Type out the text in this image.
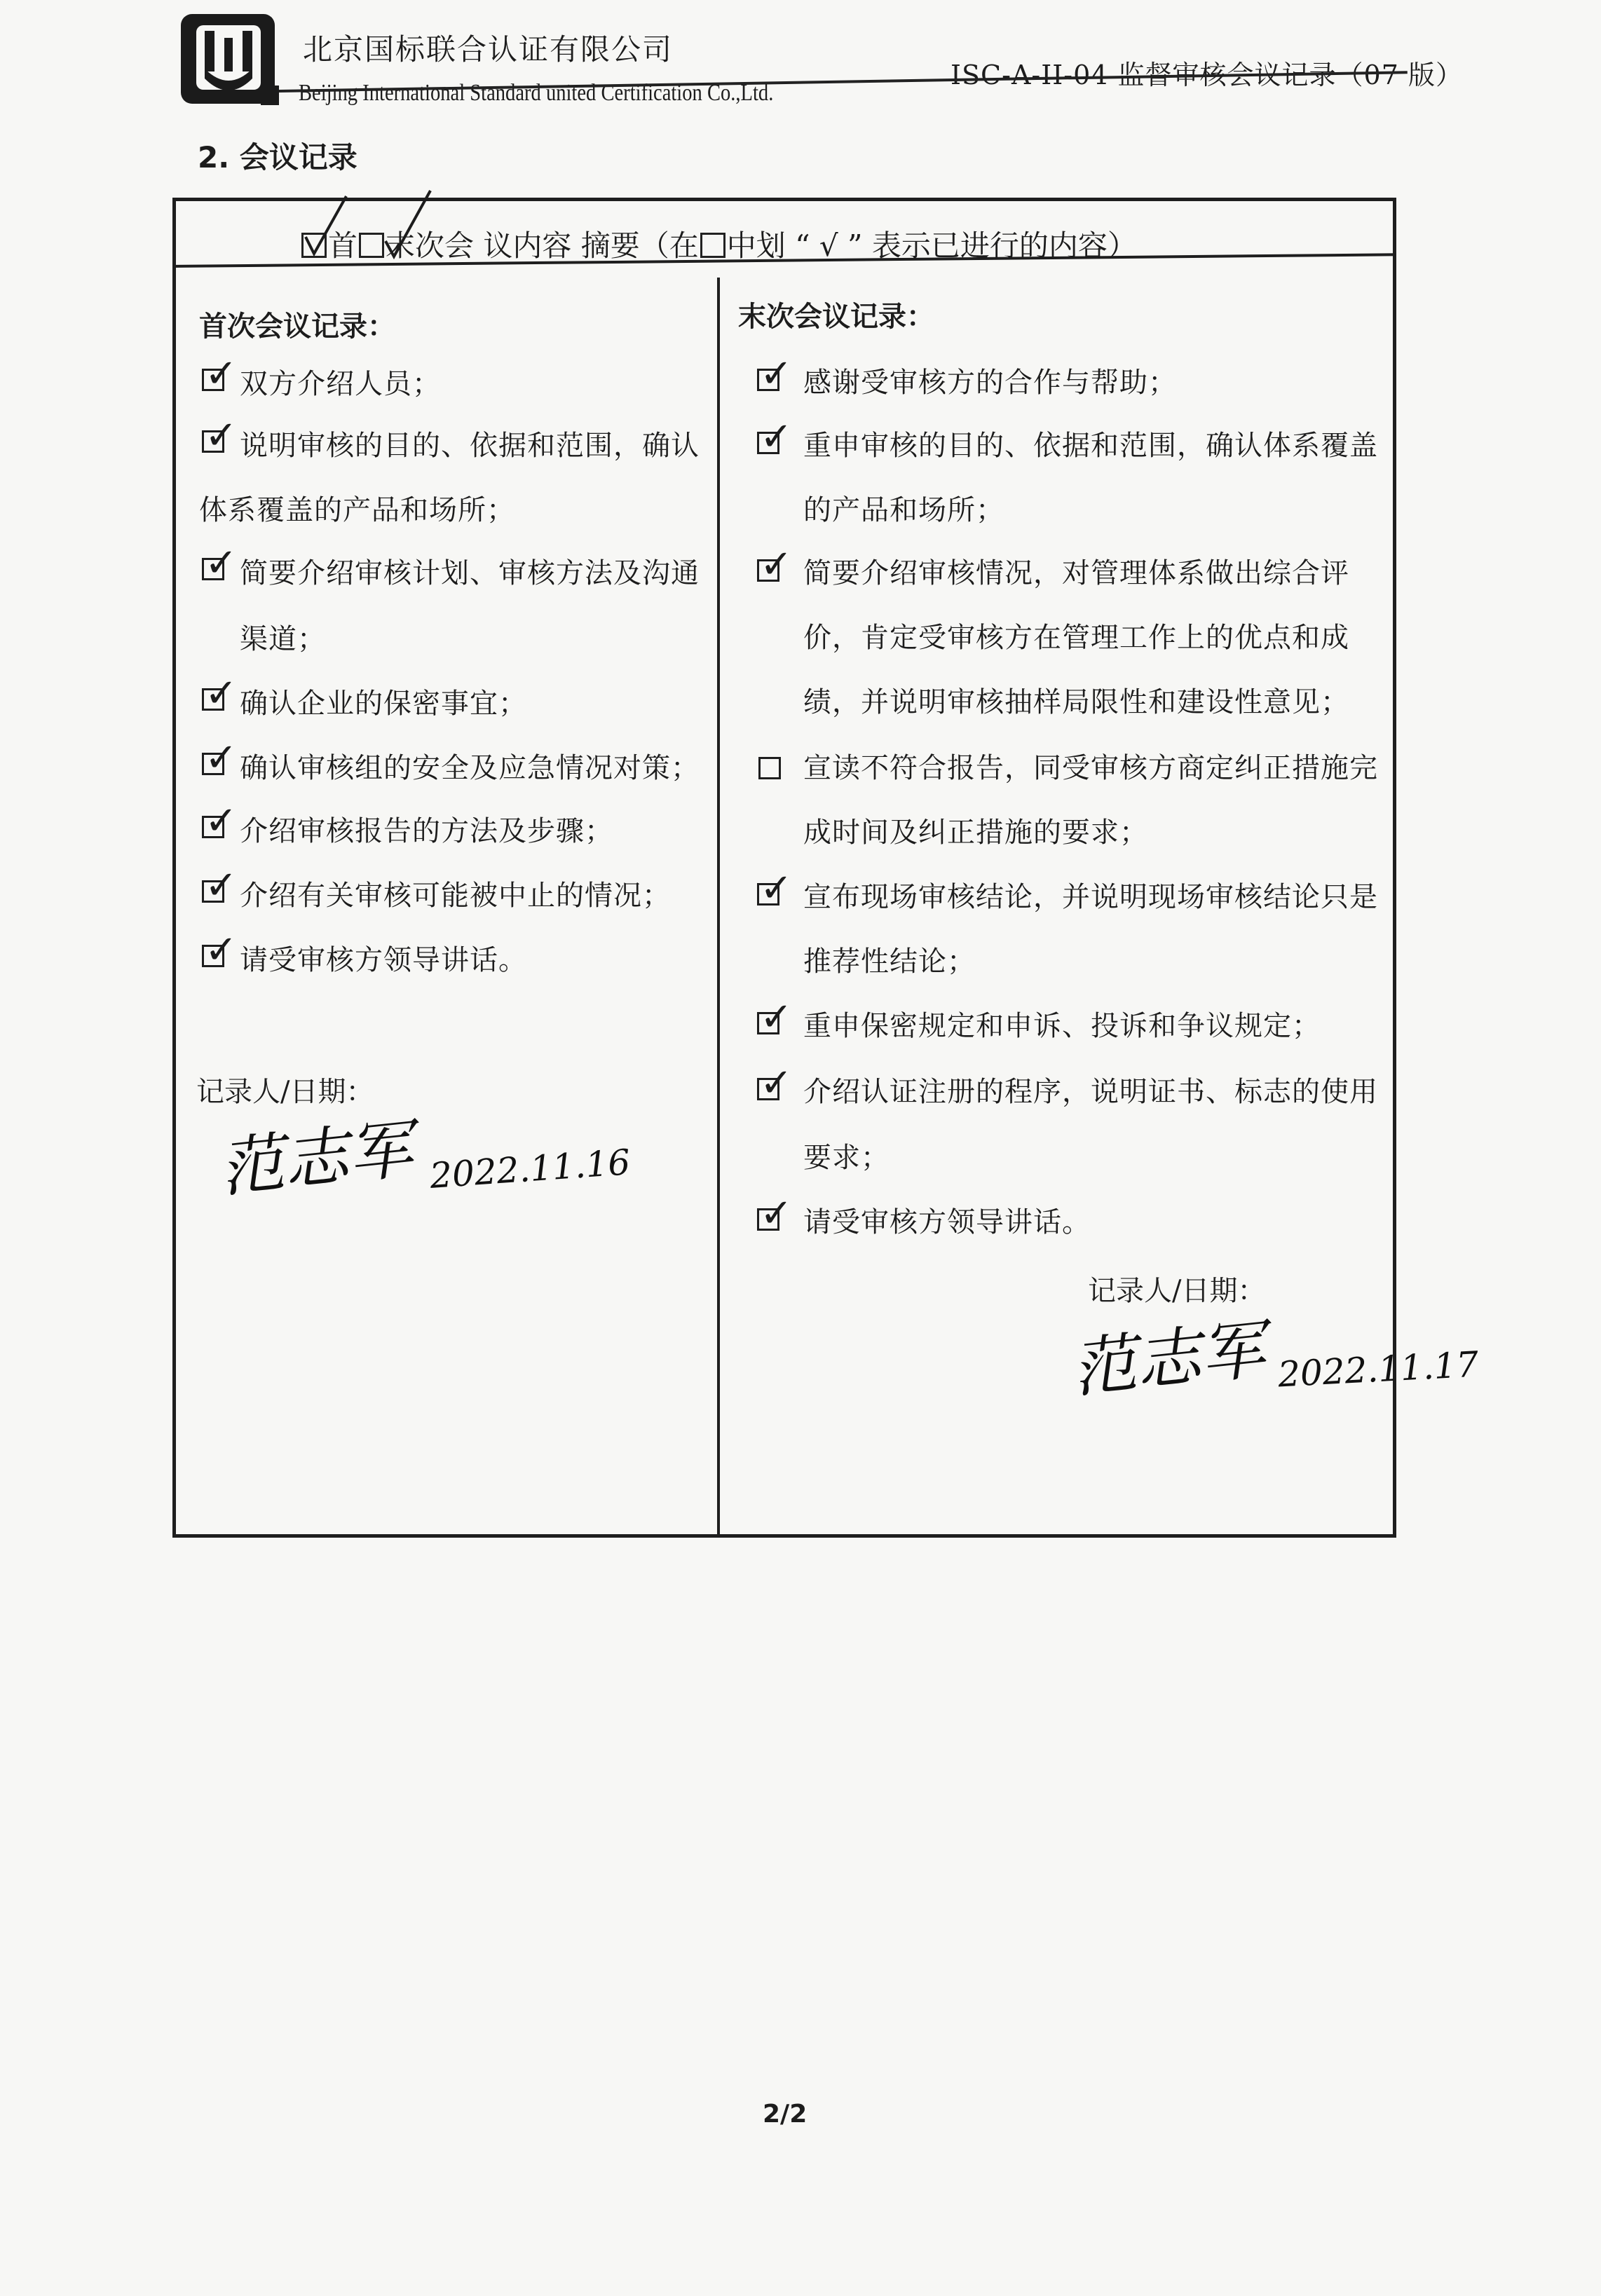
北京国标联合认证有限公司
Beijing International Standard united Certification Co.,Ltd.
ISC-A-II-04 监督审核会议记录（07 版）
2. 会议记录
首 末次会 议内容 摘要（在 中划 “ √ ” 表示已进行的内容）
首次会议记录：
✓ 双方介绍人员；
✓ 说明审核的目的、依据和范围，确认
体系覆盖的产品和场所；
✓ 简要介绍审核计划、审核方法及沟通
渠道；
✓ 确认企业的保密事宜；
✓ 确认审核组的安全及应急情况对策；
✓ 介绍审核报告的方法及步骤；
✓ 介绍有关审核可能被中止的情况；
✓ 请受审核方领导讲话。
记录人/日期：
范志军 2022.11.16
末次会议记录：
✓ 感谢受审核方的合作与帮助；
✓ 重申审核的目的、依据和范围，确认体系覆盖
的产品和场所；
✓ 简要介绍审核情况，对管理体系做出综合评
价，肯定受审核方在管理工作上的优点和成
绩，并说明审核抽样局限性和建设性意见；
宣读不符合报告，同受审核方商定纠正措施完
成时间及纠正措施的要求；
✓ 宣布现场审核结论，并说明现场审核结论只是
推荐性结论；
✓ 重申保密规定和申诉、投诉和争议规定；
✓ 介绍认证注册的程序，说明证书、标志的使用
要求；
✓ 请受审核方领导讲话。
记录人/日期：
范志军 2022.11.17
2/2
